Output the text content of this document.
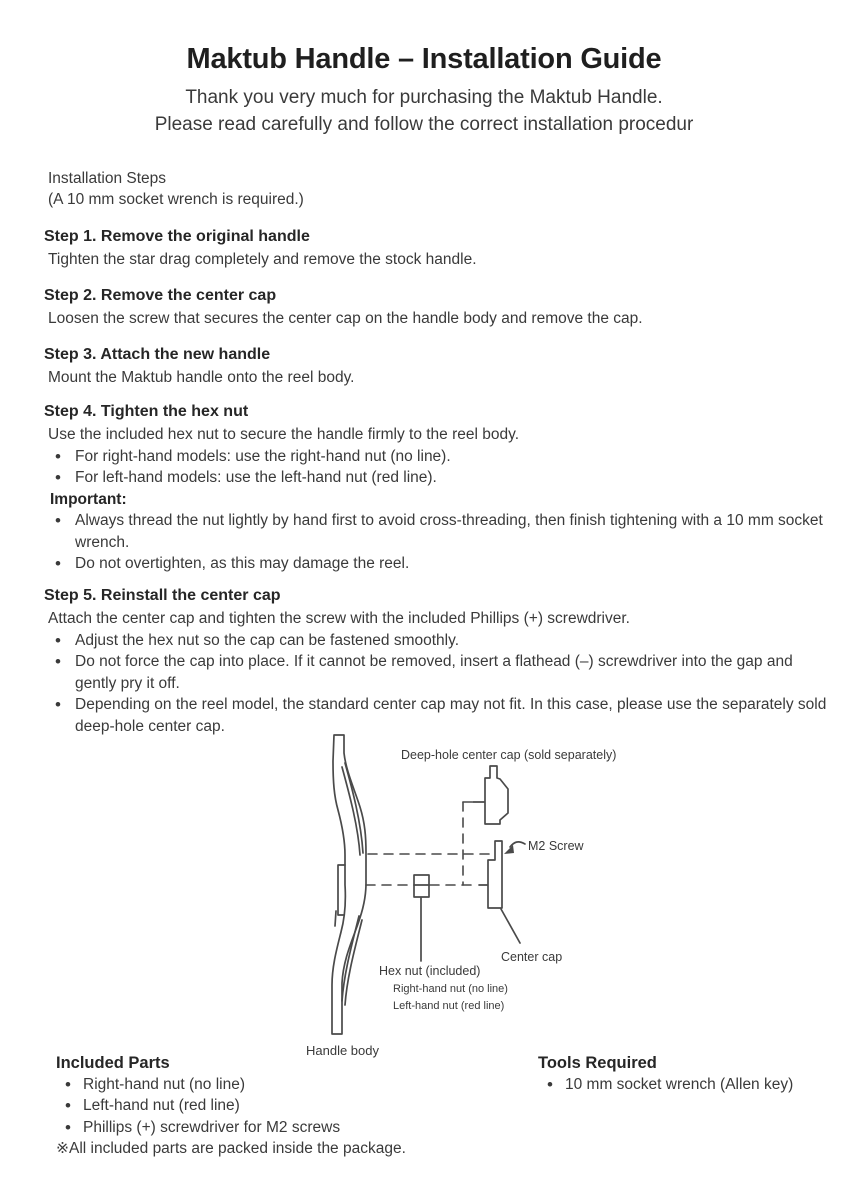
Maktub Handle – Installation Guide
Thank you very much for purchasing the Maktub Handle.
Please read carefully and follow the correct installation procedur
Installation Steps
(A 10 mm socket wrench is required.)
Step 1. Remove the original handle

Tighten the star drag completely and remove the stock handle.

Step 2. Remove the center cap

Loosen the screw that secures the center cap on the handle body and remove the cap.

Step 3. Attach the new handle

Mount the Maktub handle onto the reel body.

Step 4. Tighten the hex nut

Use the included hex nut to secure the handle firmly to the reel body.

• For right-hand models: use the right-hand nut (no line).
• For left-hand models: use the left-hand nut (red line).
Important:
• Always thread the nut lightly by hand first to avoid cross-threading, then finish tightening with a 10 mm socket wrench.
• Do not overtighten, as this may damage the reel.
Step 5. Reinstall the center cap

Attach the center cap and tighten the screw with the included Phillips (+) screwdriver.

• Adjust the hex nut so the cap can be fastened smoothly.
• Do not force the cap into place. If it cannot be removed, insert a flathead (–) screwdriver into the gap and gently pry it off.
• Depending on the reel model, the standard center cap may not fit. In this case, please use the separately sold deep-hole center cap.
Deep-hole center cap (sold separately)
M2 Screw
Center cap
Hex nut (included)
Right-hand nut (no line)
Left-hand nut (red line)
Handle body
Included Parts
• Right-hand nut (no line)
• Left-hand nut (red line)
• Phillips (+) screwdriver for M2 screws
※All included parts are packed inside the package.
Tools Required
• 10 mm socket wrench (Allen key)
